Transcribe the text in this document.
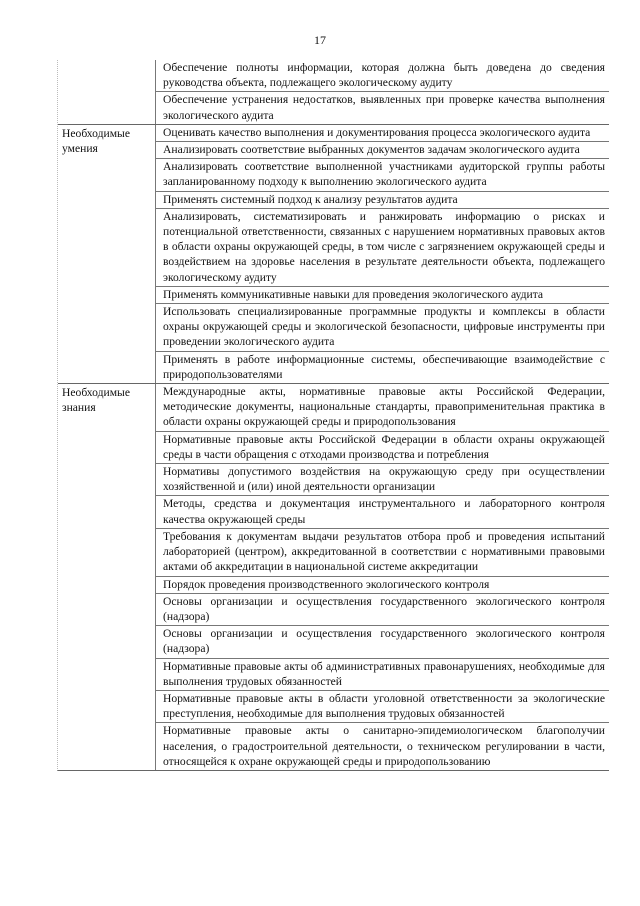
17
Обеспечение полноты информации, которая должна быть доведена до сведения руководства объекта, подлежащего экологическому аудиту
Обеспечение устранения недостатков, выявленных при проверке качества выполнения экологического аудита
Необходимые умения
Оценивать качество выполнения и документирования процесса экологического аудита
Анализировать соответствие выбранных документов задачам экологического аудита
Анализировать соответствие выполненной участниками аудиторской группы работы запланированному подходу к выполнению экологического аудита
Применять системный подход к анализу результатов аудита
Анализировать, систематизировать и ранжировать информацию о рисках и потенциальной ответственности, связанных с нарушением нормативных правовых актов в области охраны окружающей среды, в том числе с загрязнением окружающей среды и воздействием на здоровье населения в результате деятельности объекта, подлежащего экологическому аудиту
Применять коммуникативные навыки для проведения экологического аудита
Использовать специализированные программные продукты и комплексы в области охраны окружающей среды и экологической безопасности, цифровые инструменты при проведении экологического аудита
Применять в работе информационные системы, обеспечивающие взаимодействие с природопользователями
Необходимые знания
Международные акты, нормативные правовые акты Российской Федерации, методические документы, национальные стандарты, правоприменительная практика в области охраны окружающей среды и природопользования
Нормативные правовые акты Российской Федерации в области охраны окружающей среды в части обращения с отходами производства и потребления
Нормативы допустимого воздействия на окружающую среду при осуществлении хозяйственной и (или) иной деятельности организации
Методы, средства и документация инструментального и лабораторного контроля качества окружающей среды
Требования к документам выдачи результатов отбора проб и проведения испытаний лабораторией (центром), аккредитованной в соответствии с нормативными правовыми актами об аккредитации в национальной системе аккредитации
Порядок проведения производственного экологического контроля
Основы организации и осуществления государственного экологического контроля (надзора)
Основы организации и осуществления государственного экологического контроля (надзора)
Нормативные правовые акты об административных правонарушениях, необходимые для выполнения трудовых обязанностей
Нормативные правовые акты в области уголовной ответственности за экологические преступления, необходимые для выполнения трудовых обязанностей
Нормативные правовые акты о санитарно-эпидемиологическом благополучии населения, о градостроительной деятельности, о техническом регулировании в части, относящейся к охране окружающей среды и природопользованию
